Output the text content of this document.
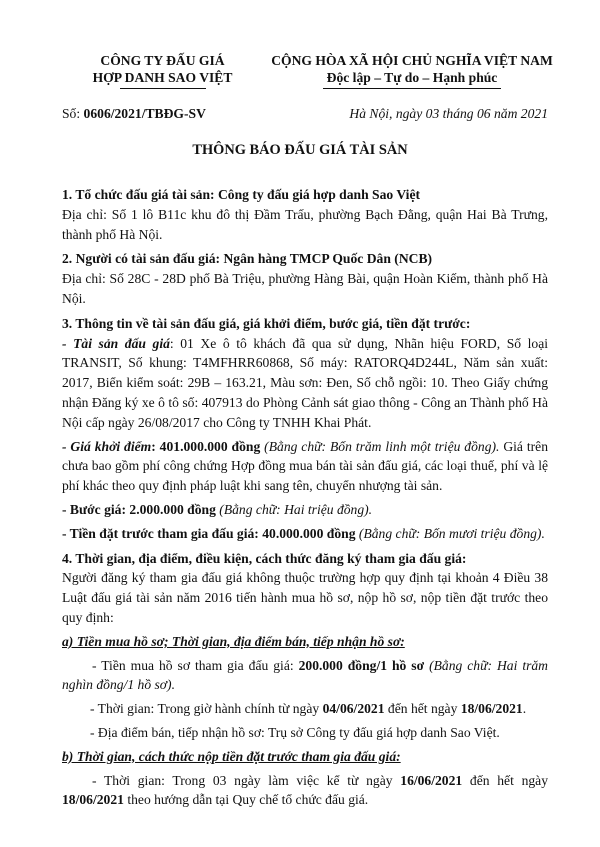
CÔNG TY ĐẤU GIÁ
HỢP DANH SAO VIỆT
CỘNG HÒA XÃ HỘI CHỦ NGHĨA VIỆT NAM
Độc lập – Tự do – Hạnh phúc
Số: 0606/2021/TBĐG-SV	Hà Nội, ngày 03 tháng 06 năm 2021
THÔNG BÁO ĐẤU GIÁ TÀI SẢN

1. Tổ chức đấu giá tài sản: Công ty đấu giá hợp danh Sao Việt

Địa chỉ: Số 1 lô B11c khu đô thị Đầm Trấu, phường Bạch Đằng, quận Hai Bà Trưng, thành phố Hà Nội.

2. Người có tài sản đấu giá: Ngân hàng TMCP Quốc Dân (NCB)

Địa chỉ: Số 28C - 28D phố Bà Triệu, phường Hàng Bài, quận Hoàn Kiếm, thành phố Hà Nội.

3. Thông tin về tài sản đấu giá, giá khởi điểm, bước giá, tiền đặt trước:

- Tài sản đấu giá: 01 Xe ô tô khách đã qua sử dụng, Nhãn hiệu FORD, Số loại TRANSIT, Số khung: T4MFHRR60868, Số máy: RATORQ4D244L, Năm sản xuất: 2017, Biển kiểm soát: 29B – 163.21, Màu sơn: Đen, Số chỗ ngồi: 10. Theo Giấy chứng nhận Đăng ký xe ô tô số: 407913 do Phòng Cảnh sát giao thông - Công an Thành phố Hà Nội cấp ngày 26/08/2017 cho Công ty TNHH Khai Phát.

- Giá khởi điểm: 401.000.000 đồng (Bằng chữ: Bốn trăm linh một triệu đồng). Giá trên chưa bao gồm phí công chứng Hợp đồng mua bán tài sản đấu giá, các loại thuế, phí và lệ phí khác theo quy định pháp luật khi sang tên, chuyển nhượng tài sản.

- Bước giá: 2.000.000 đồng (Bằng chữ: Hai triệu đồng).

- Tiền đặt trước tham gia đấu giá: 40.000.000 đồng (Bằng chữ: Bốn mươi triệu đồng).

4. Thời gian, địa điểm, điều kiện, cách thức đăng ký tham gia đấu giá:

Người đăng ký tham gia đấu giá không thuộc trường hợp quy định tại khoản 4 Điều 38 Luật đấu giá tài sản năm 2016 tiến hành mua hồ sơ, nộp hồ sơ, nộp tiền đặt trước theo quy định:

a) Tiền mua hồ sơ; Thời gian, địa điểm bán, tiếp nhận hồ sơ:

- Tiền mua hồ sơ tham gia đấu giá: 200.000 đồng/1 hồ sơ (Bằng chữ: Hai trăm nghìn đồng/1 hồ sơ).

- Thời gian: Trong giờ hành chính từ ngày 04/06/2021 đến hết ngày 18/06/2021.

- Địa điểm bán, tiếp nhận hồ sơ: Trụ sở Công ty đấu giá hợp danh Sao Việt.

b) Thời gian, cách thức nộp tiền đặt trước tham gia đấu giá:

- Thời gian: Trong 03 ngày làm việc kể từ ngày 16/06/2021 đến hết ngày 18/06/2021 theo hướng dẫn tại Quy chế tổ chức đấu giá.
